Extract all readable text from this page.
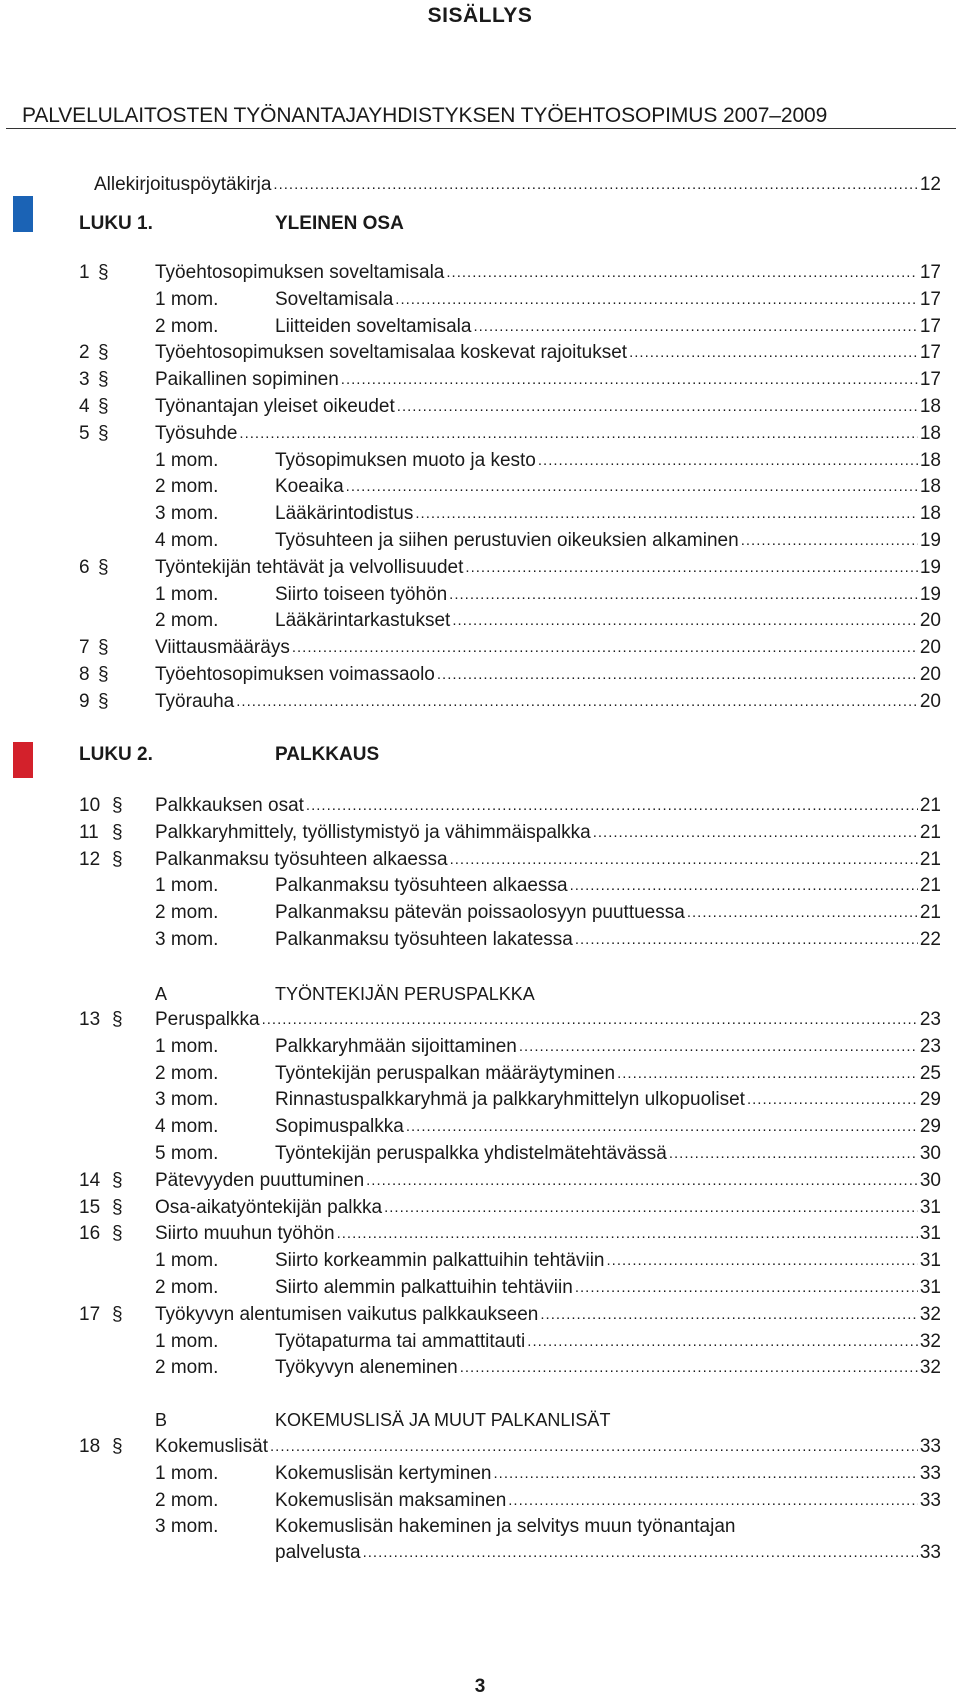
SISÄLLYS
PALVELULAITOSTEN TYÖNANTAJAYHDISTYKSEN TYÖEHTOSOPIMUS 2007–2009
Allekirjoituspöytäkirja .....	12
LUKU 1.	YLEINEN OSA
1 § Työehtosopimuksen soveltamisala .....	17
1 mom.	Soveltamisala .....	17
2 mom.	Liitteiden soveltamisala .....	17
2 § Työehtosopimuksen soveltamisalaa koskevat rajoitukset .....	17
3 § Paikallinen sopiminen .....	17
4 § Työnantajan yleiset oikeudet .....	18
5 § Työsuhde .....	18
1 mom.	Työsopimuksen muoto ja kesto .....	18
2 mom.	Koeaika .....	18
3 mom.	Lääkärintodistus .....	18
4 mom.	Työsuhteen ja siihen perustuvien oikeuksien alkaminen .....	19
6 § Työntekijän tehtävät ja velvollisuudet .....	19
1 mom.	Siirto toiseen työhön .....	19
2 mom.	Lääkärintarkastukset .....	20
7 § Viittausmääräys .....	20
8 § Työehtosopimuksen voimassaolo .....	20
9 § Työrauha .....	20
LUKU 2.	PALKKAUS
10 § Palkkauksen osat .....	21
11 § Palkkaryhmittely, työllistymistyö ja vähimmäispalkka .....	21
12 § Palkanmaksu työsuhteen alkaessa .....	21
1 mom.	Palkanmaksu työsuhteen alkaessa .....	21
2 mom.	Palkanmaksu pätevän poissaolosyyn puuttuessa .....	21
3 mom.	Palkanmaksu työsuhteen lakatessa .....	22
A	TYÖNTEKIJÄN PERUSPALKKA
13 § Peruspalkka .....	23
1 mom.	Palkkaryhmään sijoittaminen .....	23
2 mom.	Työntekijän peruspalkan määräytyminen .....	25
3 mom.	Rinnastuspalkkaryhmä ja palkkaryhmittelyn ulkopuoliset .....	29
4 mom.	Sopimuspalkka .....	29
5 mom.	Työntekijän peruspalkka yhdistelmätehtävässä .....	30
14 § Pätevyyden puuttuminen .....	30
15 § Osa-aikatyöntekijän palkka .....	31
16 § Siirto muuhun työhön .....	31
1 mom.	Siirto korkeammin palkattuihin tehtäviin .....	31
2 mom.	Siirto alemmin palkattuihin tehtäviin .....	31
17 § Työkyvyn alentumisen vaikutus palkkaukseen .....	32
1 mom.	Työtapaturma tai ammattitauti .....	32
2 mom.	Työkyvyn aleneminen .....	32
B	KOKEMUSLISÄ JA MUUT PALKANLISÄT
18 § Kokemuslisät .....	33
1 mom.	Kokemuslisän kertyminen .....	33
2 mom.	Kokemuslisän maksaminen .....	33
3 mom.	Kokemuslisän hakeminen ja selvitys muun työnantajan
palvelusta .....	33
3
